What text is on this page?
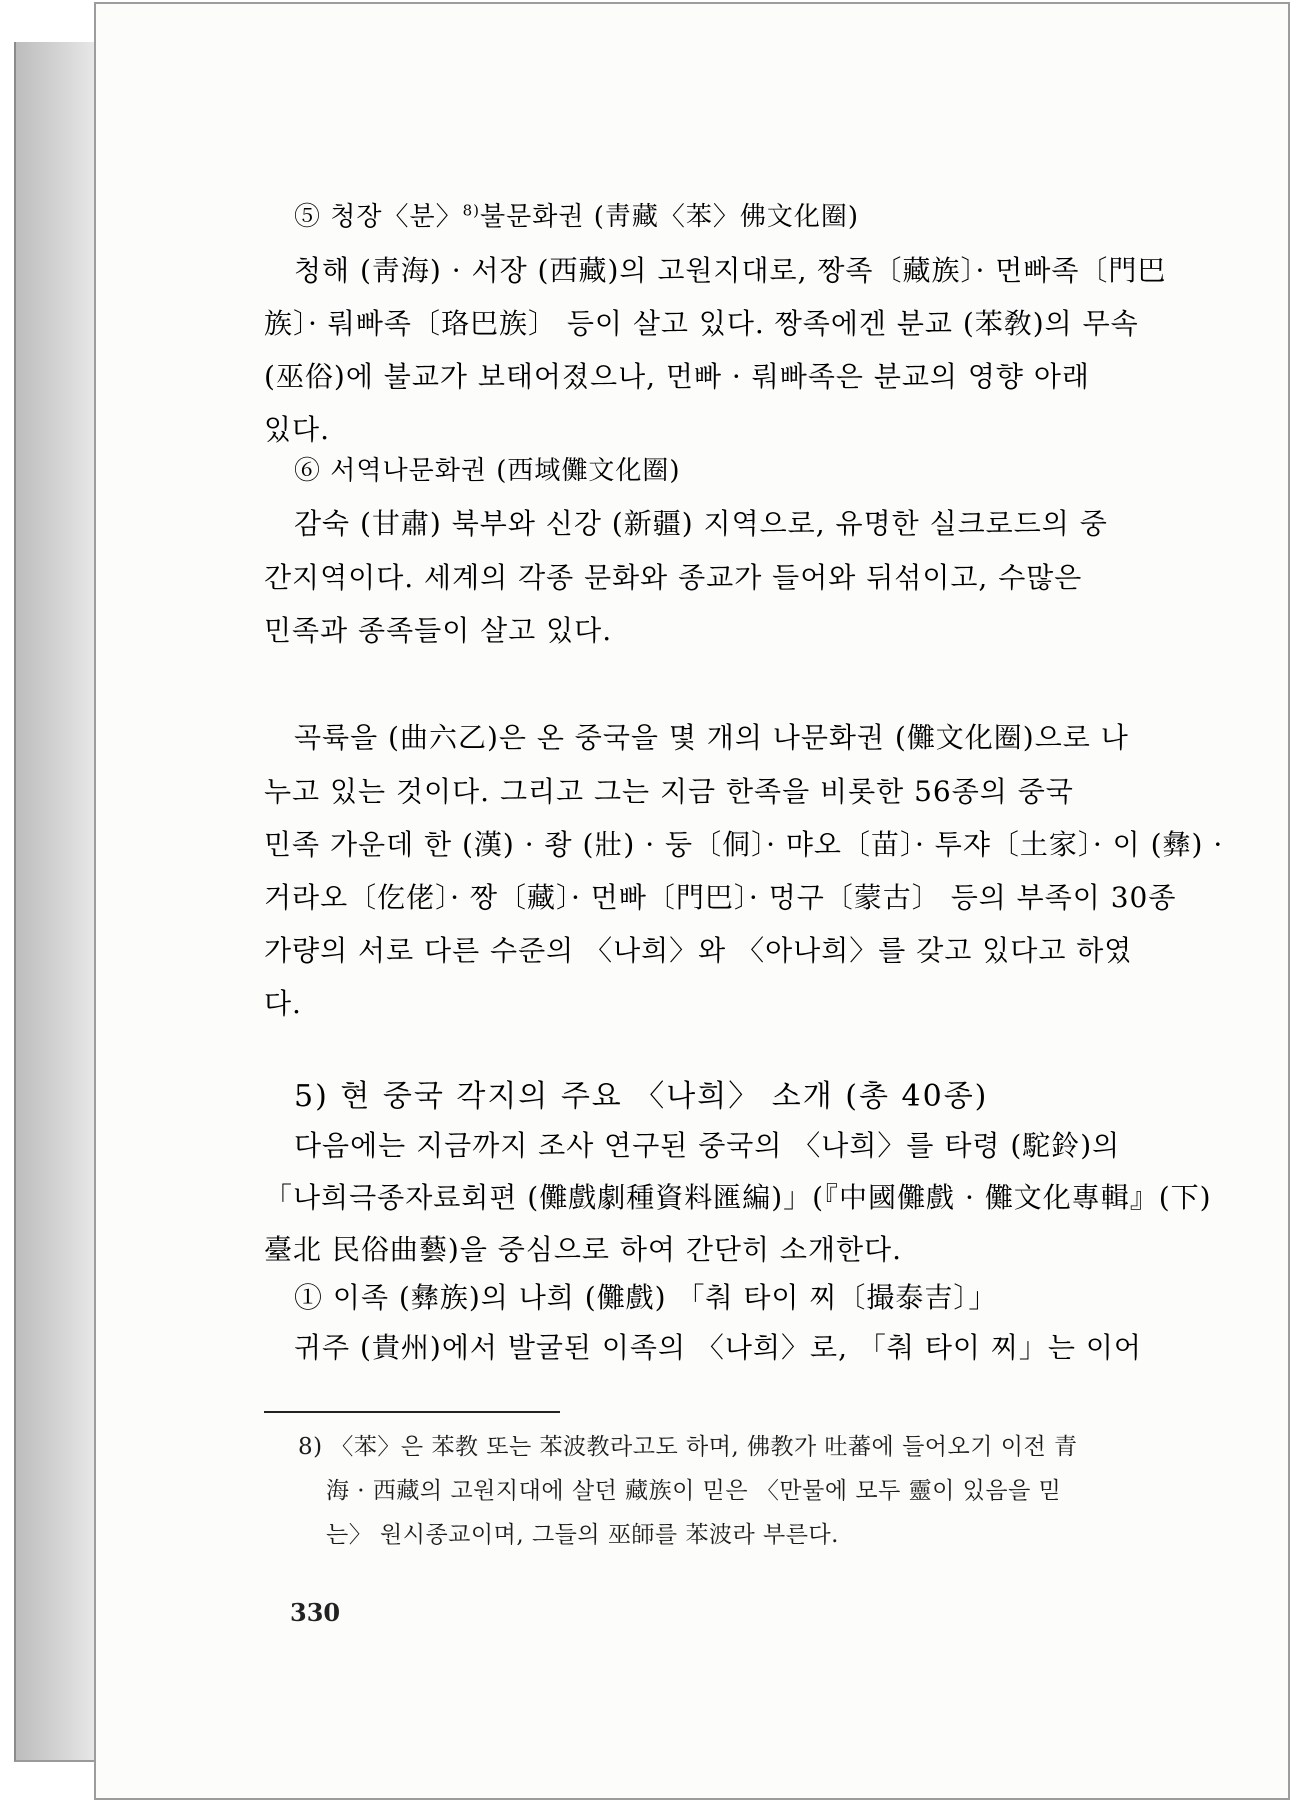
⑤ 청장〈분〉$^{8)}$불문화권 (靑藏〈苯〉佛文化圈)
청해 (靑海) · 서장 (西藏)의 고원지대로, 짱족〔藏族〕· 먼빠족〔門巴
族〕· 뤄빠족〔珞巴族〕 등이 살고 있다. 짱족에겐 분교 (苯敎)의 무속
(巫俗)에 불교가 보태어졌으나, 먼빠 · 뤄빠족은 분교의 영향 아래
있다.
⑥ 서역나문화권 (西域儺文化圈)
감숙 (甘肅) 북부와 신강 (新疆) 지역으로, 유명한 실크로드의 중
간지역이다. 세계의 각종 문화와 종교가 들어와 뒤섞이고, 수많은
민족과 종족들이 살고 있다.
곡륙을 (曲六乙)은 온 중국을 몇 개의 나문화권 (儺文化圈)으로 나
누고 있는 것이다. 그리고 그는 지금 한족을 비롯한 56종의 중국
민족 가운데 한 (漢) · 좡 (壯) · 둥〔侗〕· 먀오〔苗〕· 투쟈〔土家〕· 이 (彝) ·
거라오〔仡佬〕· 짱〔藏〕· 먼빠〔門巴〕· 멍구〔蒙古〕 등의 부족이 30종
가량의 서로 다른 수준의 〈나희〉와 〈아나희〉를 갖고 있다고 하였
다.
5) 현 중국 각지의 주요 〈나희〉 소개 (총 40종)
다음에는 지금까지 조사 연구된 중국의 〈나희〉를 타령 (駝鈴)의
「나희극종자료회편 (儺戲劇種資料匯編)」(『中國儺戲 · 儺文化專輯』(下)
臺北 民俗曲藝)을 중심으로 하여 간단히 소개한다.
① 이족 (彝族)의 나희 (儺戲) 「춰 타이 찌〔撮泰吉〕」
귀주 (貴州)에서 발굴된 이족의 〈나희〉로, 「춰 타이 찌」는 이어
8) 〈苯〉은 苯教 또는 苯波教라고도 하며, 佛教가 吐蕃에 들어오기 이전 青
海 · 西藏의 고원지대에 살던 藏族이 믿은 〈만물에 모두 靈이 있음을 믿
는〉 원시종교이며, 그들의 巫師를 苯波라 부른다.
330
